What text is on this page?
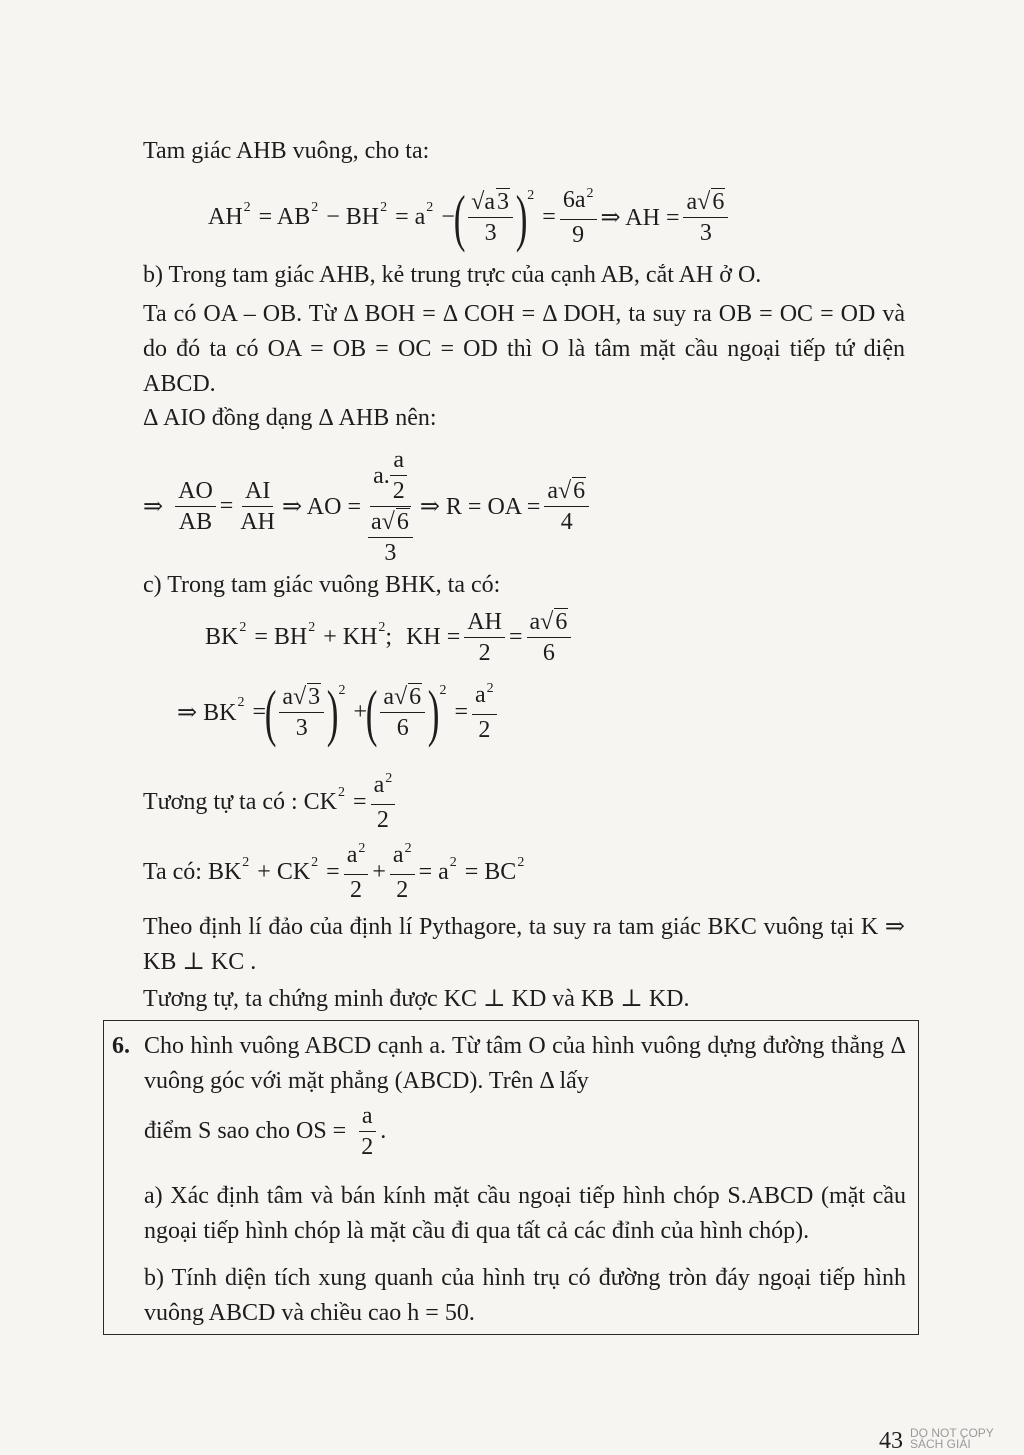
Tam giác AHB vuông, cho ta:
AH 2 = AB 2 − BH 2 = a 2 −
( $\frac{√a3}{3}$ ) 2
= $\frac{6a^2}{9}$ ⇒ AH = $\frac{a√6}{3}$
b) Trong tam giác AHB, kẻ trung trực của cạnh AB, cắt AH ở O.
Ta có OA – OB. Từ Δ BOH = Δ COH = Δ DOH, ta suy ra OB = OC = OD và do đó ta có OA = OB = OC = OD thì O là tâm mặt cầu ngoại tiếp tứ diện ABCD.
Δ AIO đồng dạng Δ AHB nên:
⇒ $\frac{AO}{AB} = \frac{AI}{AH}$ ⇒ AO = $\frac{a. \frac{a}{2}}{\frac{a√6}{3}}$ ⇒ R = OA = $\frac{a√6}{4}$
c) Trong tam giác vuông BHK, ta có:
BK 2 = BH 2 + KH 2 ; KH = $\frac{AH}{2} = \frac{a√6}{6}$
⇒ BK 2 =
( $\frac{a√3}{3}$ ) 2
+
( $\frac{a√6}{6}$ ) 2
= $\frac{a^2}{2}$
Tương tự ta có : CK $2 = \frac{a^2}{2}$
Ta có: BK 2 + CK $2 = \frac{a^2}{2} + \frac{a^2}{2} = a$ 2 = BC 2
Theo định lí đảo của định lí Pythagore, ta suy ra tam giác BKC vuông tại K ⇒ KB ⊥ KC .
Tương tự, ta chứng minh được KC ⊥ KD và KB ⊥ KD.
6. Cho hình vuông ABCD cạnh a. Từ tâm O của hình vuông dựng đường thẳng Δ vuông góc với mặt phẳng (ABCD). Trên Δ lấy
điểm S sao cho OS = $\frac{a}{2}$ .
a) Xác định tâm và bán kính mặt cầu ngoại tiếp hình chóp S.ABCD (mặt cầu ngoại tiếp hình chóp là mặt cầu đi qua tất cả các đỉnh của hình chóp).
b) Tính diện tích xung quanh của hình trụ có đường tròn đáy ngoại tiếp hình vuông ABCD và chiều cao h = 50.
43 DO NOT COPY SÁCH GIẢI
